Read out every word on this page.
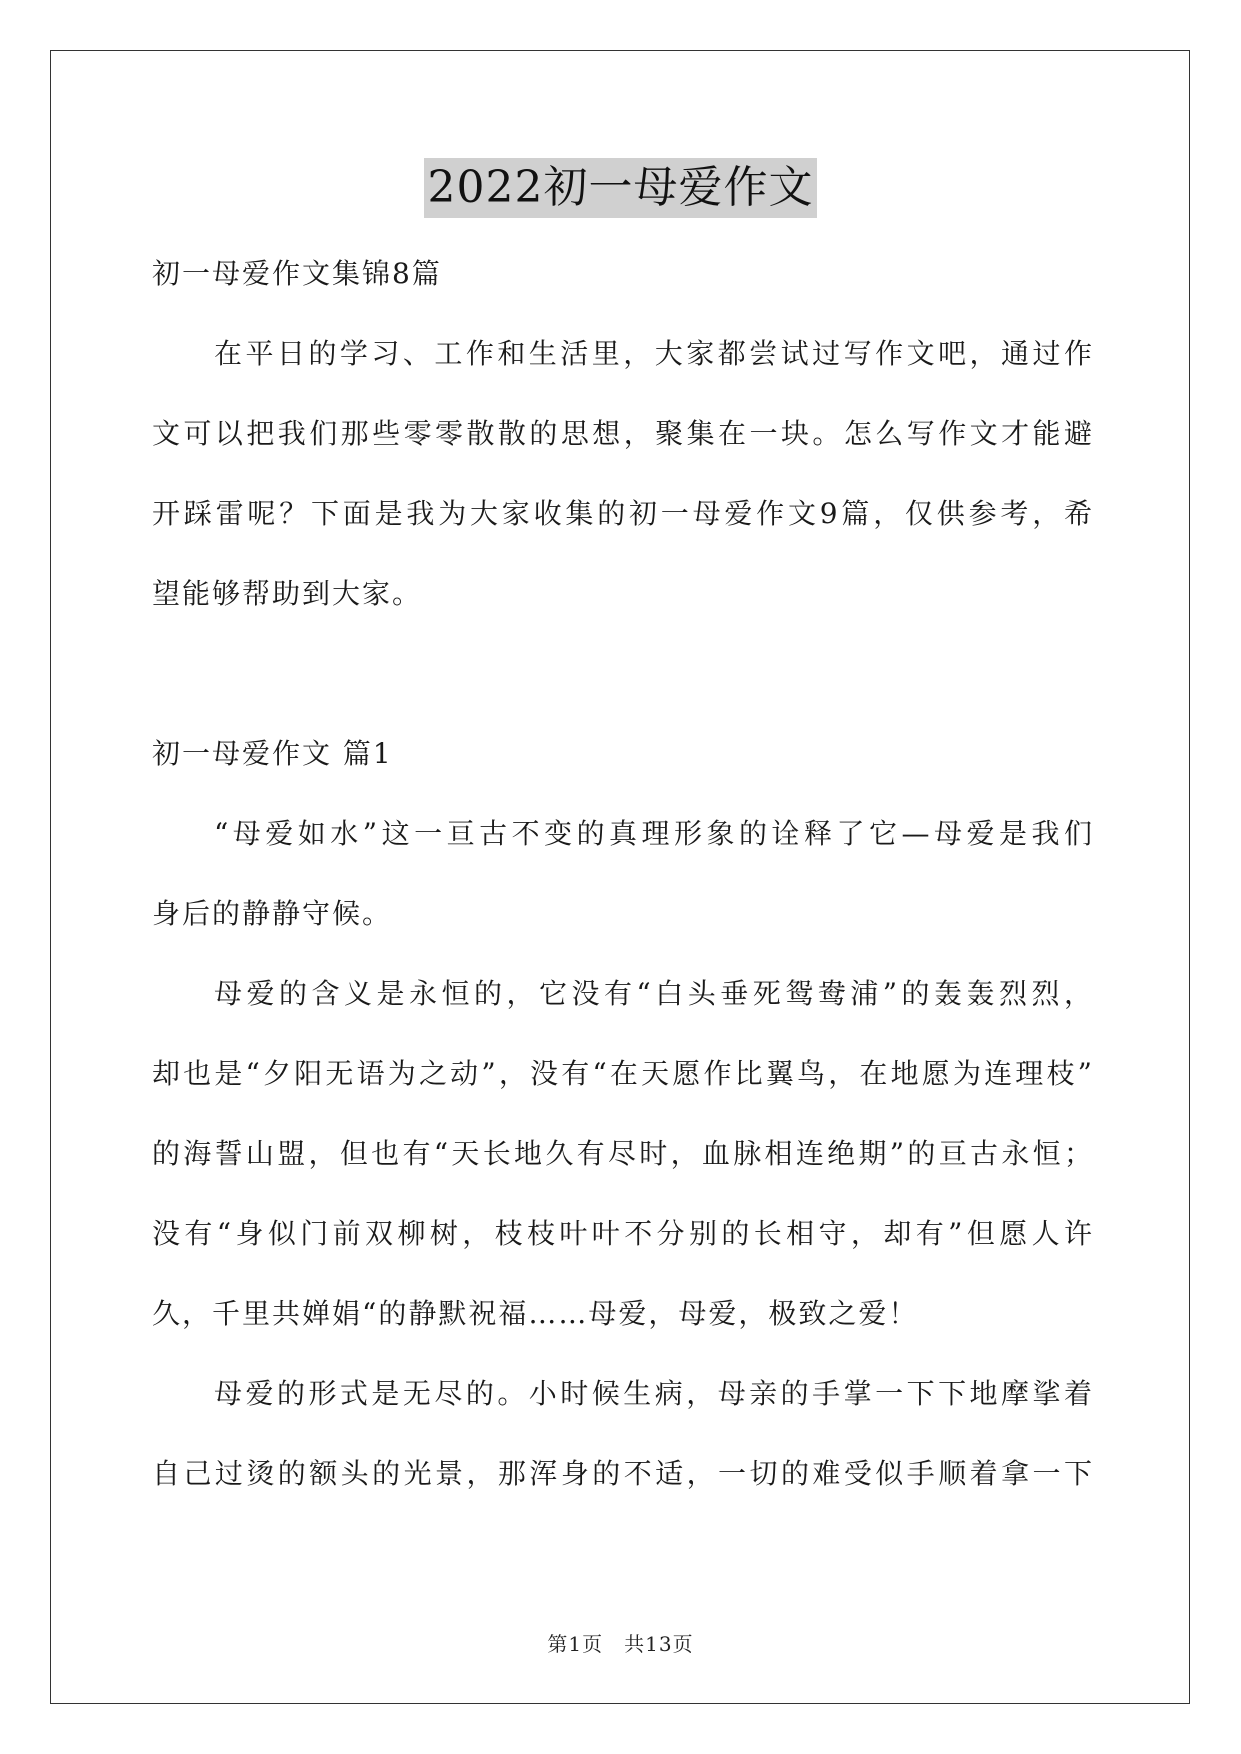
2022初一母爱作文
初一母爱作文集锦8篇
在平日的学习、工作和生活里，大家都尝试过写作文吧，通过作
文可以把我们那些零零散散的思想，聚集在一块。怎么写作文才能避
开踩雷呢？下面是我为大家收集的初一母爱作文9篇，仅供参考，希
望能够帮助到大家。
初一母爱作文 篇1
“母爱如水”这一亘古不变的真理形象的诠释了它—母爱是我们
身后的静静守候。
母爱的含义是永恒的，它没有“白头垂死鸳鸯浦”的轰轰烈烈，
却也是“夕阳无语为之动”，没有“在天愿作比翼鸟，在地愿为连理枝”
的海誓山盟，但也有“天长地久有尽时，血脉相连绝期”的亘古永恒；
没有“身似门前双柳树，枝枝叶叶不分别的长相守，却有”但愿人许
久，千里共婵娟“的静默祝福……母爱，母爱，极致之爱！
母爱的形式是无尽的。小时候生病，母亲的手掌一下下地摩挲着
自己过烫的额头的光景，那浑身的不适，一切的难受似手顺着拿一下
第1页　共13页
